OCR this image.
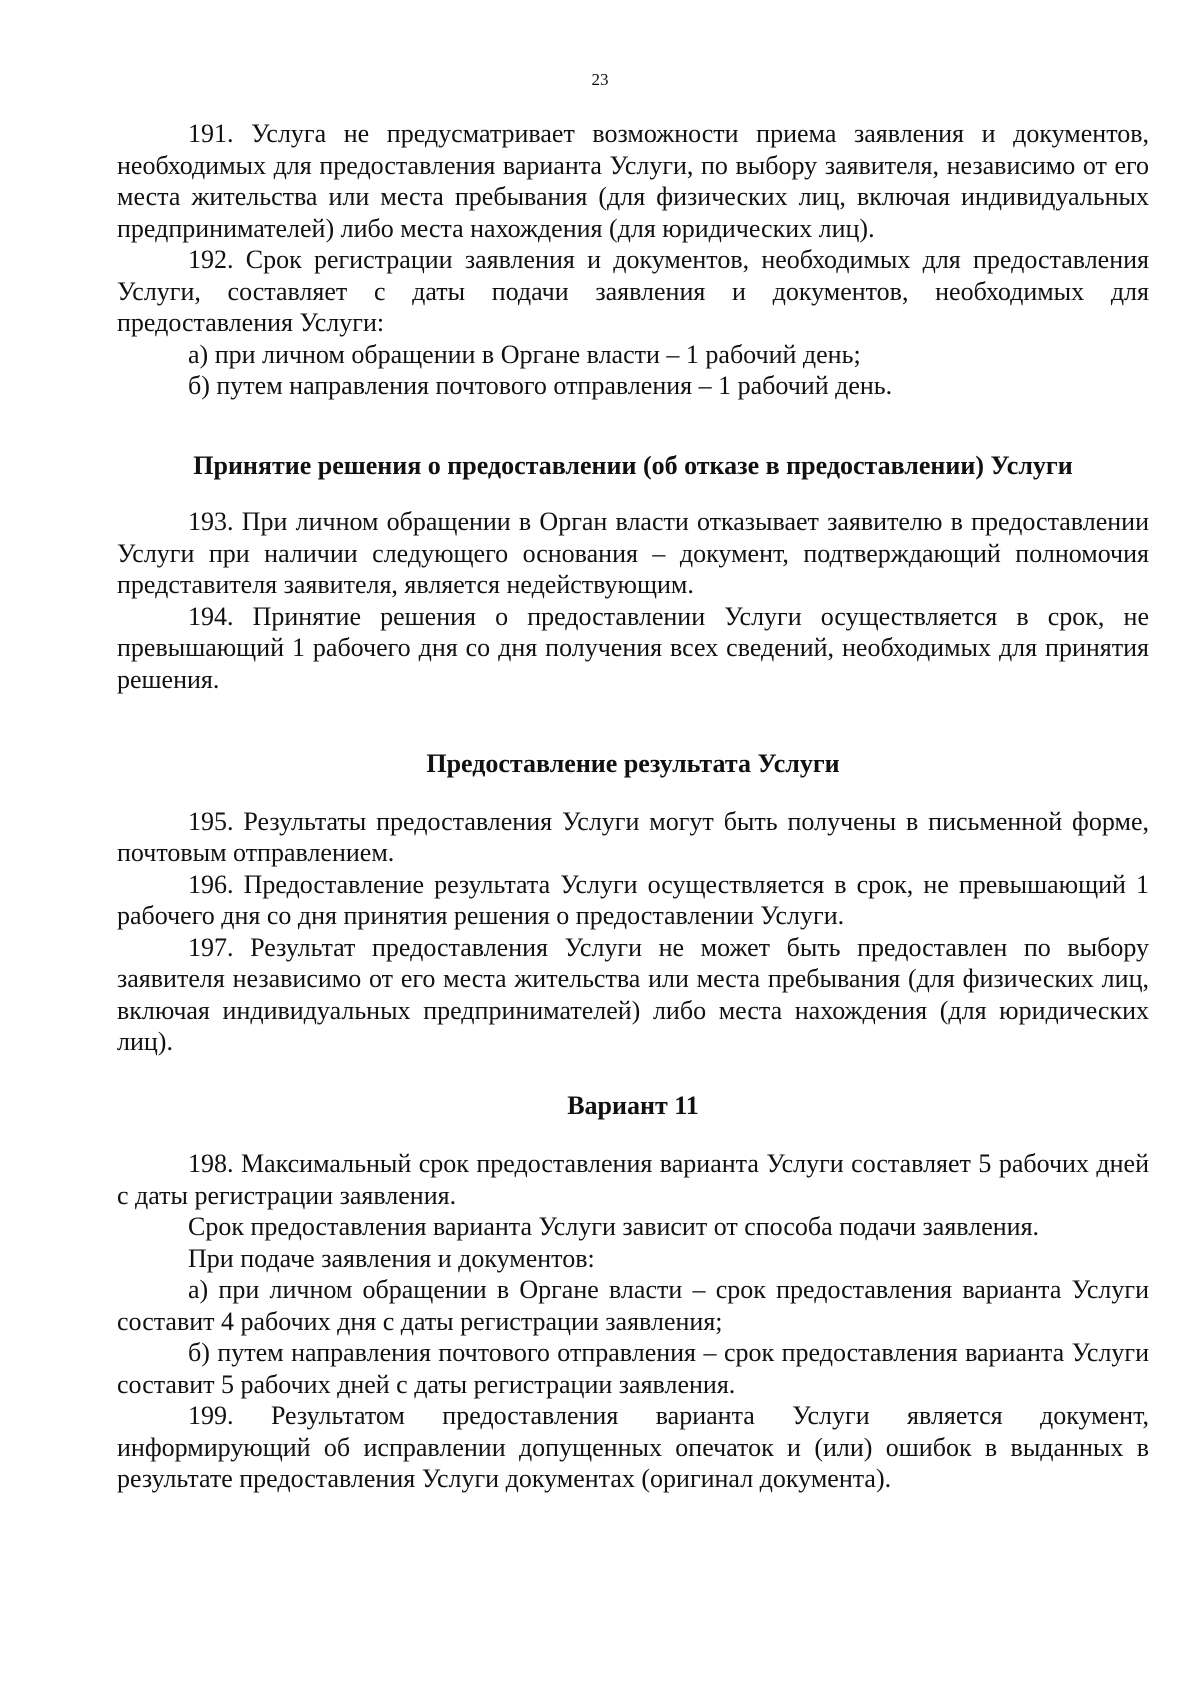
23

191. Услуга не предусматривает возможности приема заявления и документов, необходимых для предоставления варианта Услуги, по выбору заявителя, независимо от его места жительства или места пребывания (для физических лиц, включая индивидуальных предпринимателей) либо места нахождения (для юридических лиц).

192. Срок регистрации заявления и документов, необходимых для предоставления Услуги, составляет с даты подачи заявления и документов, необходимых для предоставления Услуги:

а) при личном обращении в Органе власти – 1 рабочий день;

б) путем направления почтового отправления – 1 рабочий день.

Принятие решения о предоставлении (об отказе в предоставлении) Услуги

193. При личном обращении в Орган власти отказывает заявителю в предоставлении Услуги при наличии следующего основания – документ, подтверждающий полномочия представителя заявителя, является недействующим.

194. Принятие решения о предоставлении Услуги осуществляется в срок, не превышающий 1 рабочего дня со дня получения всех сведений, необходимых для принятия решения.

Предоставление результата Услуги

195. Результаты предоставления Услуги могут быть получены в письменной форме, почтовым отправлением.

196. Предоставление результата Услуги осуществляется в срок, не превышающий 1 рабочего дня со дня принятия решения о предоставлении Услуги.

197. Результат предоставления Услуги не может быть предоставлен по выбору заявителя независимо от его места жительства или места пребывания (для физических лиц, включая индивидуальных предпринимателей) либо места нахождения (для юридических лиц).

Вариант 11

198. Максимальный срок предоставления варианта Услуги составляет 5 рабочих дней с даты регистрации заявления.

Срок предоставления варианта Услуги зависит от способа подачи заявления.

При подаче заявления и документов:

а) при личном обращении в Органе власти – срок предоставления варианта Услуги составит 4 рабочих дня с даты регистрации заявления;

б) путем направления почтового отправления – срок предоставления варианта Услуги составит 5 рабочих дней с даты регистрации заявления.

199. Результатом предоставления варианта Услуги является документ, информирующий об исправлении допущенных опечаток и (или) ошибок в выданных в результате предоставления Услуги документах (оригинал документа).
